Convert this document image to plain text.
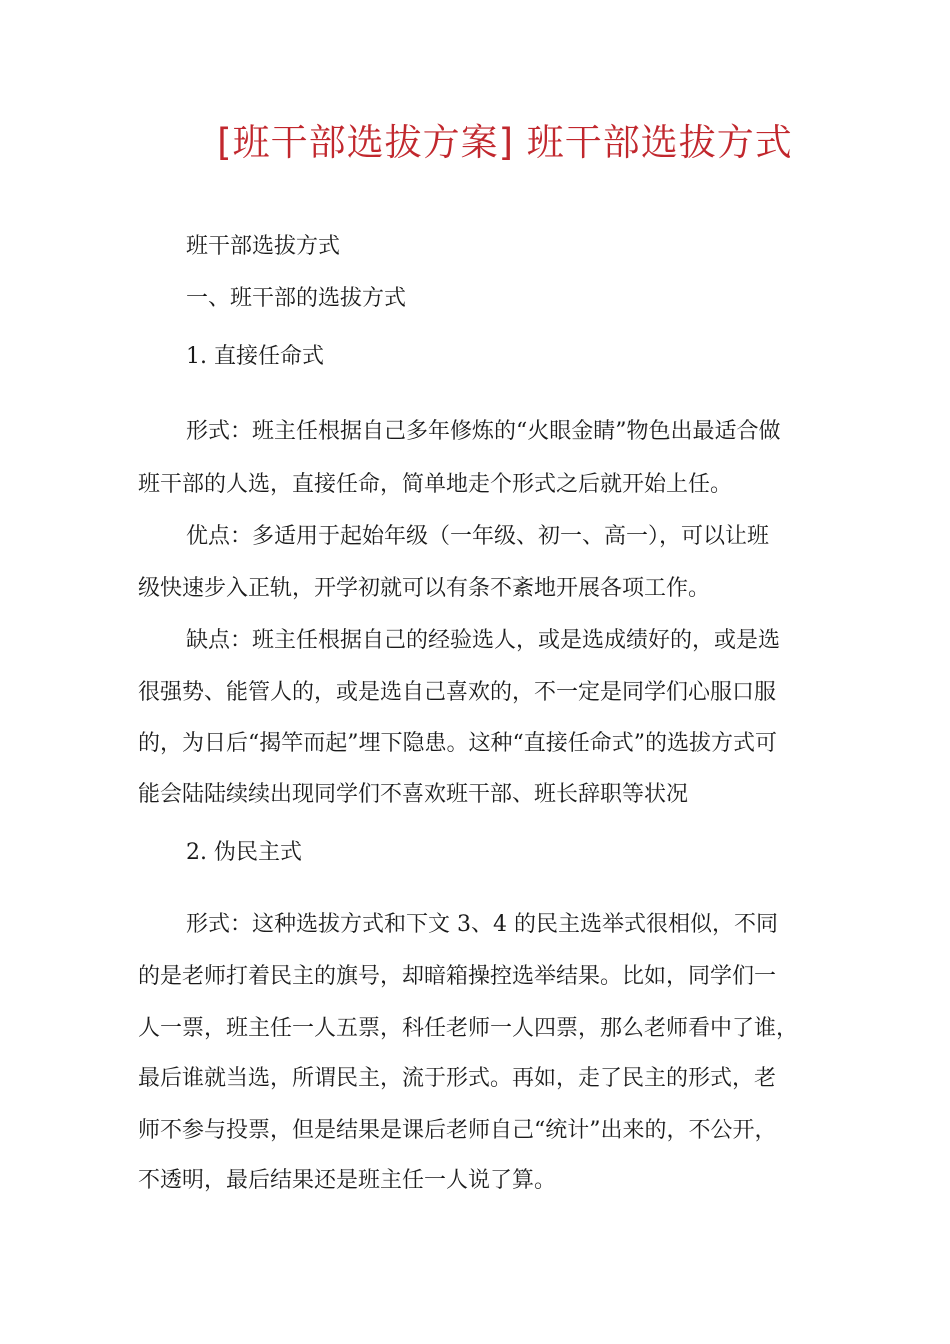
[班干部选拔方案] 班干部选拔方式
班干部选拔方式
一、班干部的选拔方式
1. 直接任命式
形式：班主任根据自己多年修炼的“火眼金睛”物色出最适合做
班干部的人选，直接任命，简单地走个形式之后就开始上任。
优点：多适用于起始年级（一年级、初一、高一），可以让班
级快速步入正轨，开学初就可以有条不紊地开展各项工作。
缺点：班主任根据自己的经验选人，或是选成绩好的，或是选
很强势、能管人的，或是选自己喜欢的，不一定是同学们心服口服
的，为日后“揭竿而起”埋下隐患。这种“直接任命式”的选拔方式可
能会陆陆续续出现同学们不喜欢班干部、班长辞职等状况
2. 伪民主式
形式：这种选拔方式和下文 3、4 的民主选举式很相似，不同
的是老师打着民主的旗号，却暗箱操控选举结果。比如，同学们一
人一票，班主任一人五票，科任老师一人四票，那么老师看中了谁，
最后谁就当选，所谓民主，流于形式。再如，走了民主的形式，老
师不参与投票，但是结果是课后老师自己“统计”出来的，不公开，
不透明，最后结果还是班主任一人说了算。
